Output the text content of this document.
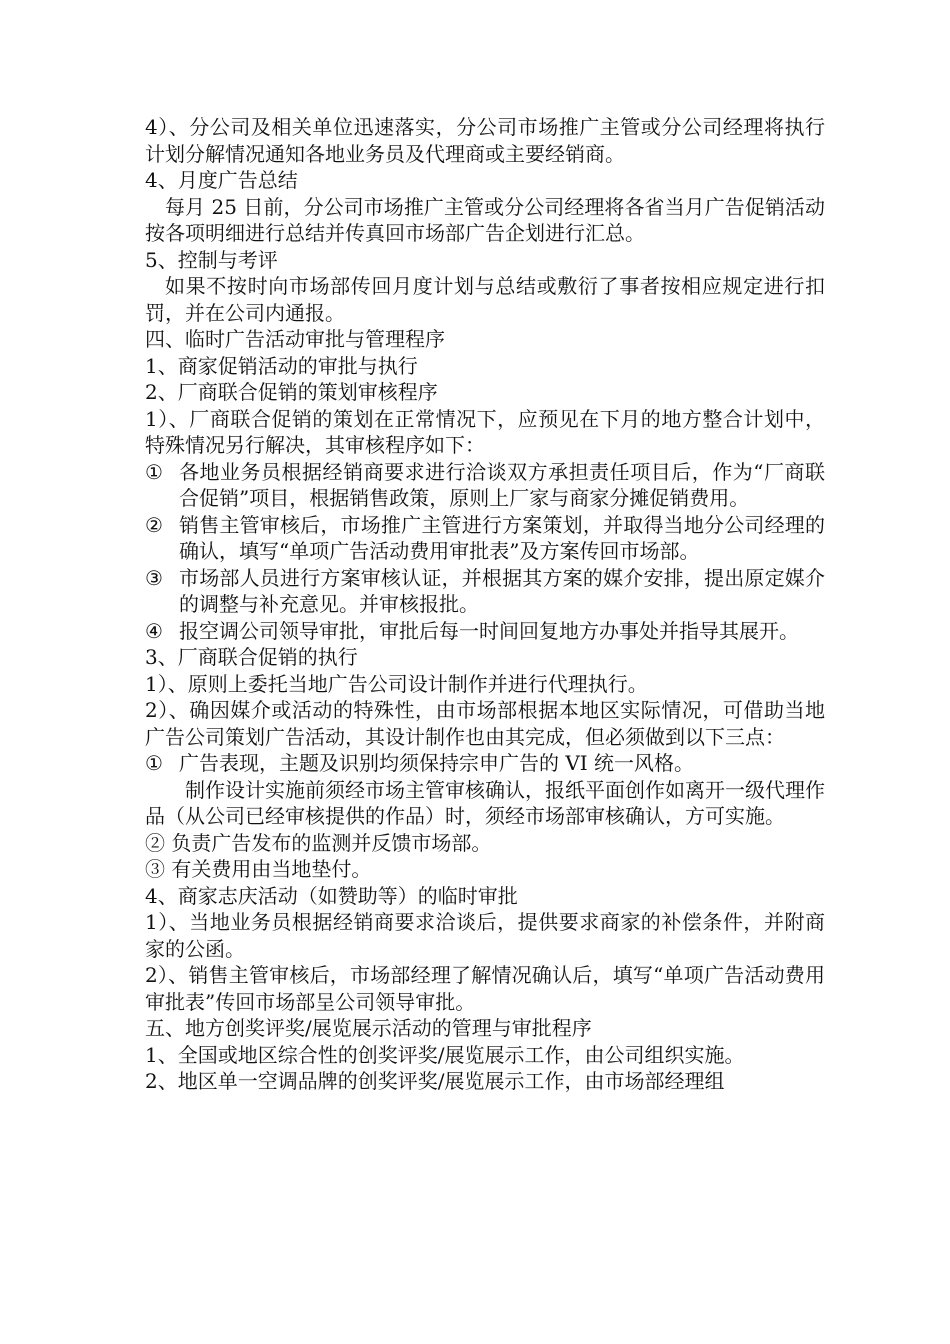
4）、分公司及相关单位迅速落实，分公司市场推广主管或分公司经理将执行计划分解情况通知各地业务员及代理商或主要经销商。

4、月度广告总结

每月 25 日前，分公司市场推广主管或分公司经理将各省当月广告促销活动按各项明细进行总结并传真回市场部广告企划进行汇总。

5、控制与考评

如果不按时向市场部传回月度计划与总结或敷衍了事者按相应规定进行扣罚，并在公司内通报。

四、临时广告活动审批与管理程序

1、商家促销活动的审批与执行

2、厂商联合促销的策划审核程序

1）、厂商联合促销的策划在正常情况下，应预见在下月的地方整合计划中，特殊情况另行解决，其审核程序如下：

① 各地业务员根据经销商要求进行洽谈双方承担责任项目后，作为“厂商联合促销”项目，根据销售政策，原则上厂家与商家分摊促销费用。
② 销售主管审核后，市场推广主管进行方案策划，并取得当地分公司经理的确认，填写“单项广告活动费用审批表”及方案传回市场部。
③ 市场部人员进行方案审核认证，并根据其方案的媒介安排，提出原定媒介的调整与补充意见。并审核报批。
④ 报空调公司领导审批，审批后每一时间回复地方办事处并指导其展开。

3、厂商联合促销的执行

1）、原则上委托当地广告公司设计制作并进行代理执行。

2）、确因媒介或活动的特殊性，由市场部根据本地区实际情况，可借助当地广告公司策划广告活动，其设计制作也由其完成，但必须做到以下三点：

① 广告表现，主题及识别均须保持宗申广告的 VI 统一风格。

制作设计实施前须经市场主管审核确认，报纸平面创作如离开一级代理作品（从公司已经审核提供的作品）时，须经市场部审核确认，方可实施。

② 负责广告发布的监测并反馈市场部。

③ 有关费用由当地垫付。

4、商家志庆活动（如赞助等）的临时审批

1）、当地业务员根据经销商要求洽谈后，提供要求商家的补偿条件，并附商家的公函。

2）、销售主管审核后，市场部经理了解情况确认后，填写“单项广告活动费用审批表”传回市场部呈公司领导审批。

五、地方创奖评奖/展览展示活动的管理与审批程序

1、全国或地区综合性的创奖评奖/展览展示工作，由公司组织实施。

2、地区单一空调品牌的创奖评奖/展览展示工作，由市场部经理组
